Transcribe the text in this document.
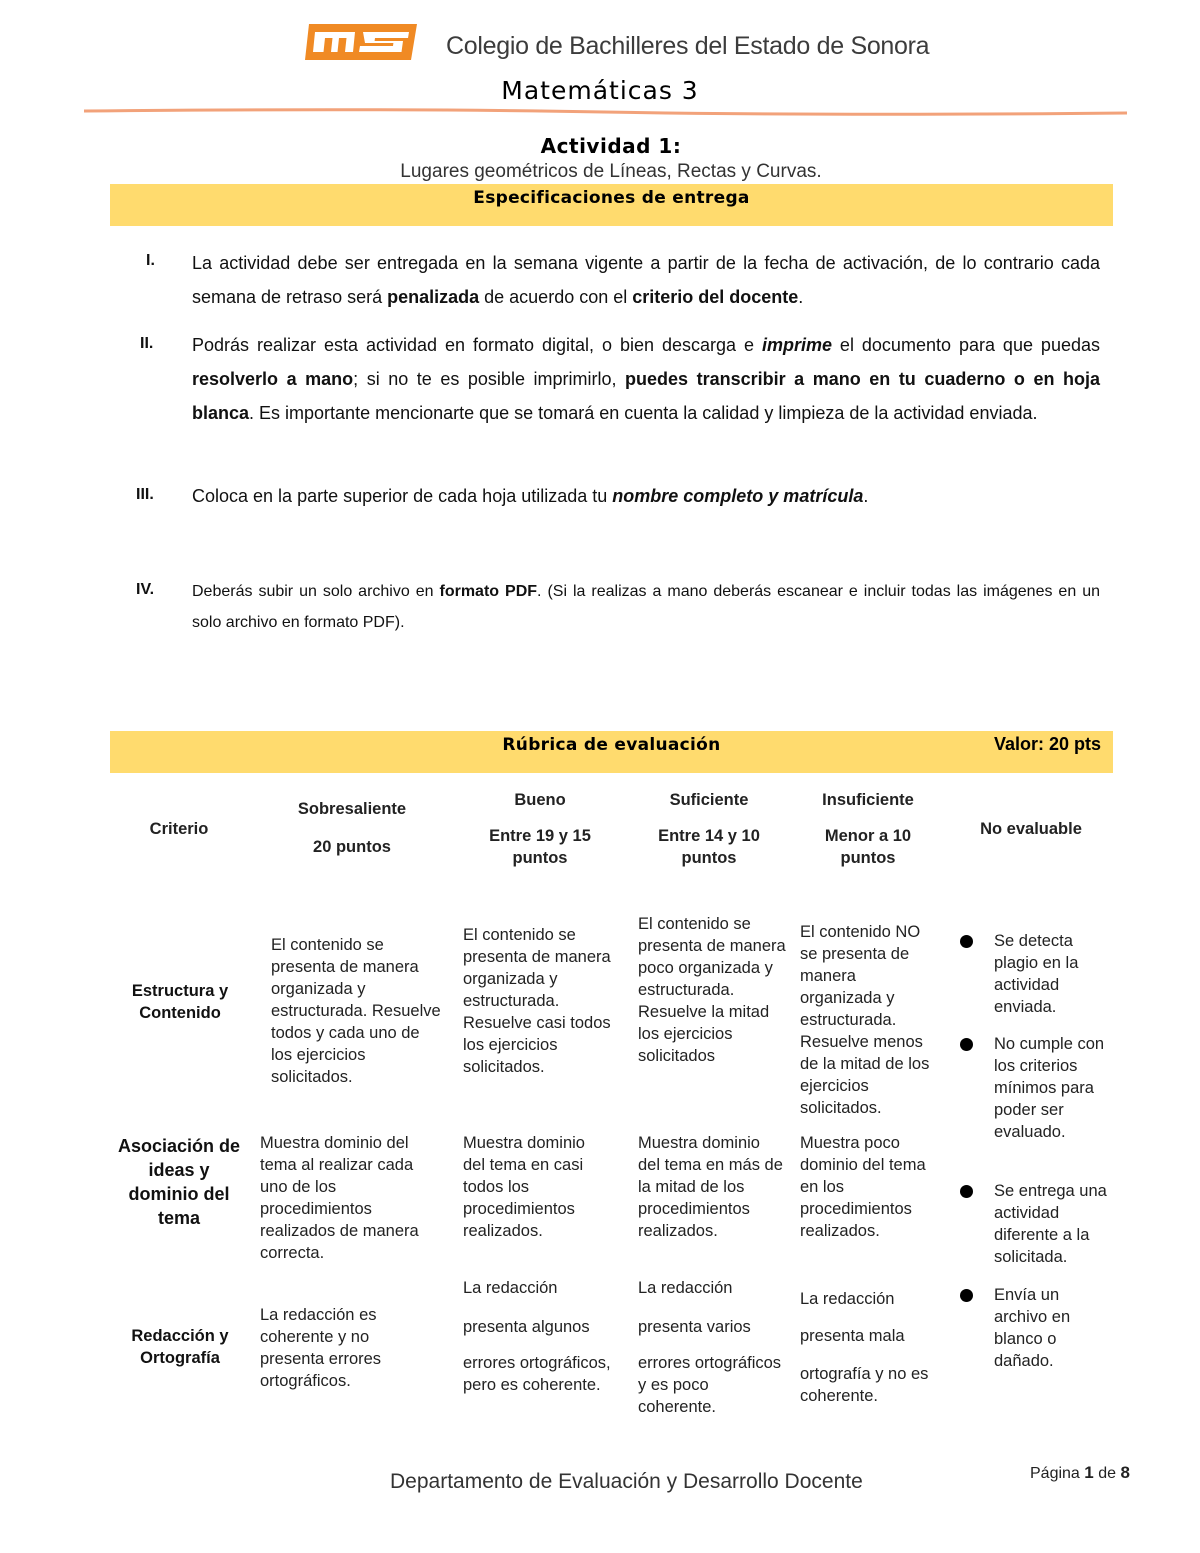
Colegio de Bachilleres del Estado de Sonora
Matemáticas 3
Actividad 1:
Lugares geométricos de Líneas, Rectas y Curvas.
Especificaciones de entrega
I. La actividad debe ser entregada en la semana vigente a partir de la fecha de activación, de lo contrario cada semana de retraso será penalizada de acuerdo con el criterio del docente.
II. Podrás realizar esta actividad en formato digital, o bien descarga e imprime el documento para que puedas resolverlo a mano; si no te es posible imprimirlo, puedes transcribir a mano en tu cuaderno o en hoja blanca. Es importante mencionarte que se tomará en cuenta la calidad y limpieza de la actividad enviada.
III. Coloca en la parte superior de cada hoja utilizada tu nombre completo y matrícula.
IV. Deberás subir un solo archivo en formato PDF. (Si la realizas a mano deberás escanear e incluir todas las imágenes en un solo archivo en formato PDF).
Rúbrica de evaluación	Valor: 20 pts
Criterio
Sobresaliente
20 puntos
Bueno
Entre 19 y 15 puntos
Suficiente
Entre 14 y 10 puntos
Insuficiente
Menor a 10 puntos
No evaluable
Estructura y Contenido
El contenido se presenta de manera organizada y estructurada. Resuelve todos y cada uno de los ejercicios solicitados.
El contenido se presenta de manera organizada y estructurada. Resuelve casi todos los ejercicios solicitados.
El contenido se presenta de manera poco organizada y estructurada. Resuelve la mitad los ejercicios solicitados
El contenido NO se presenta de manera organizada y estructurada. Resuelve menos de la mitad de los ejercicios solicitados.
Asociación de ideas y dominio del tema
Muestra dominio del tema al realizar cada uno de los procedimientos realizados de manera correcta.
Muestra dominio del tema en casi todos los procedimientos realizados.
Muestra dominio del tema en más de la mitad de los procedimientos realizados.
Muestra poco dominio del tema en los procedimientos realizados.
Redacción y Ortografía
La redacción es coherente y no presenta errores ortográficos.
La redacción
presenta algunos
errores ortográficos, pero es coherente.
La redacción
presenta varios
errores ortográficos y es poco coherente.
La redacción
presenta mala
ortografía y no es coherente.
Se detecta plagio en la actividad enviada.
No cumple con los criterios mínimos para poder ser evaluado.
Se entrega una actividad diferente a la solicitada.
Envía un archivo en blanco o dañado.
Departamento de Evaluación y Desarrollo Docente	Página 1 de 8
